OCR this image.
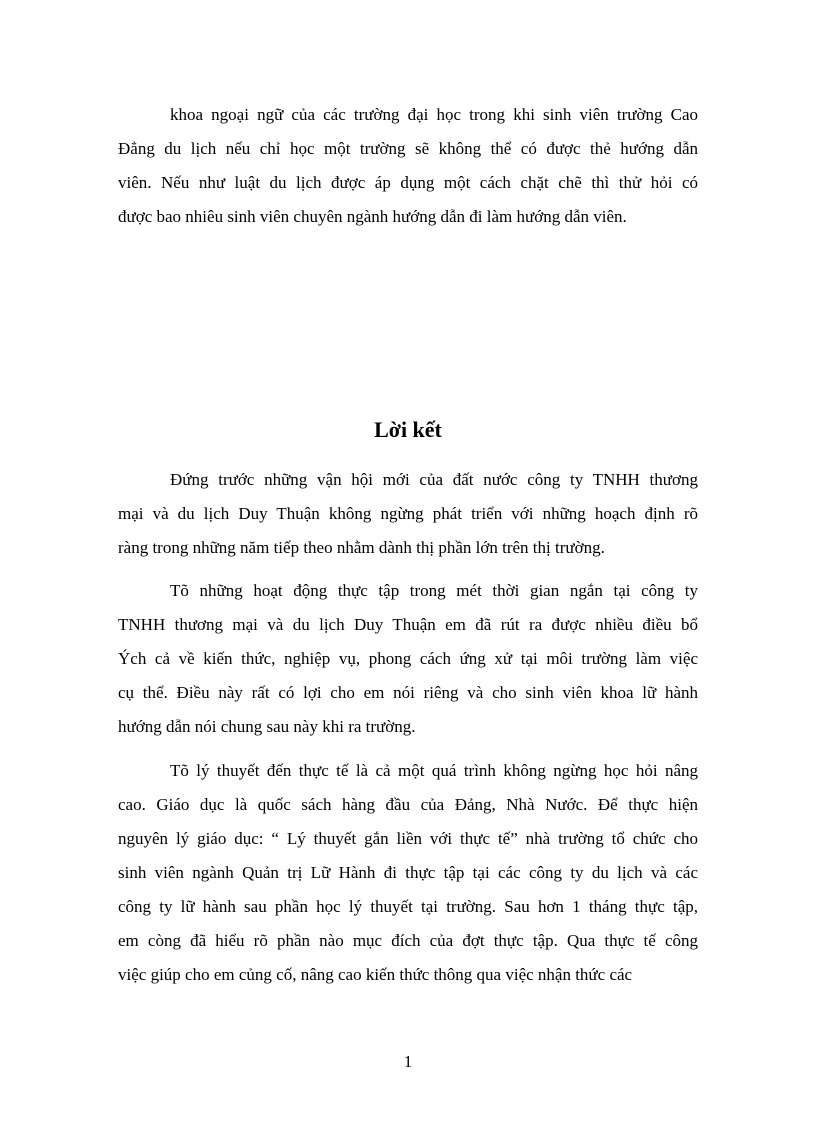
khoa ngoại ngữ của các trường đại học trong khi sinh viên trường Cao
Đẳng du lịch nếu chỉ học một trường sẽ không thể có được thẻ hướng dẫn
viên. Nếu như luật du lịch được áp dụng một cách chặt chẽ thì thử hỏi có
được bao nhiêu sinh viên chuyên ngành hướng dẫn đi làm hướng dẫn viên.
Lời kết
Đứng trước những vận hội mới của đất nước công ty TNHH thương
mại và du lịch Duy Thuận không ngừng phát triển với những hoạch định rõ
ràng trong những năm tiếp theo nhằm dành thị phần lớn trên thị trường.
Tõ những hoạt động thực tập trong mét thời gian ngắn tại công ty
TNHH thương mại và du lịch Duy Thuận em đã rút ra được nhiều điều bổ
Ých cả về kiến thức, nghiệp vụ, phong cách ứng xử tại môi trường làm việc
cụ thể. Điều này rất có lợi cho em nói riêng và cho sinh viên khoa lữ hành
hướng dẫn nói chung sau này khi ra trường.
Tõ lý thuyết đến thực tế là cả một quá trình không ngừng học hỏi nâng
cao. Giáo dục là quốc sách hàng đầu của Đảng, Nhà Nước. Để thực hiện
nguyên lý giáo dục: “ Lý thuyết gắn liền với thực tế” nhà trường tổ chức cho
sinh viên ngành Quản trị Lữ Hành đi thực tập tại các công ty du lịch và các
công ty lữ hành sau phần học lý thuyết tại trường. Sau hơn 1 tháng thực tập,
em còng đã hiểu rõ phần nào mục đích của đợt thực tập. Qua thực tế công
việc giúp cho em củng cố, nâng cao kiến thức thông qua việc nhận thức các
1
